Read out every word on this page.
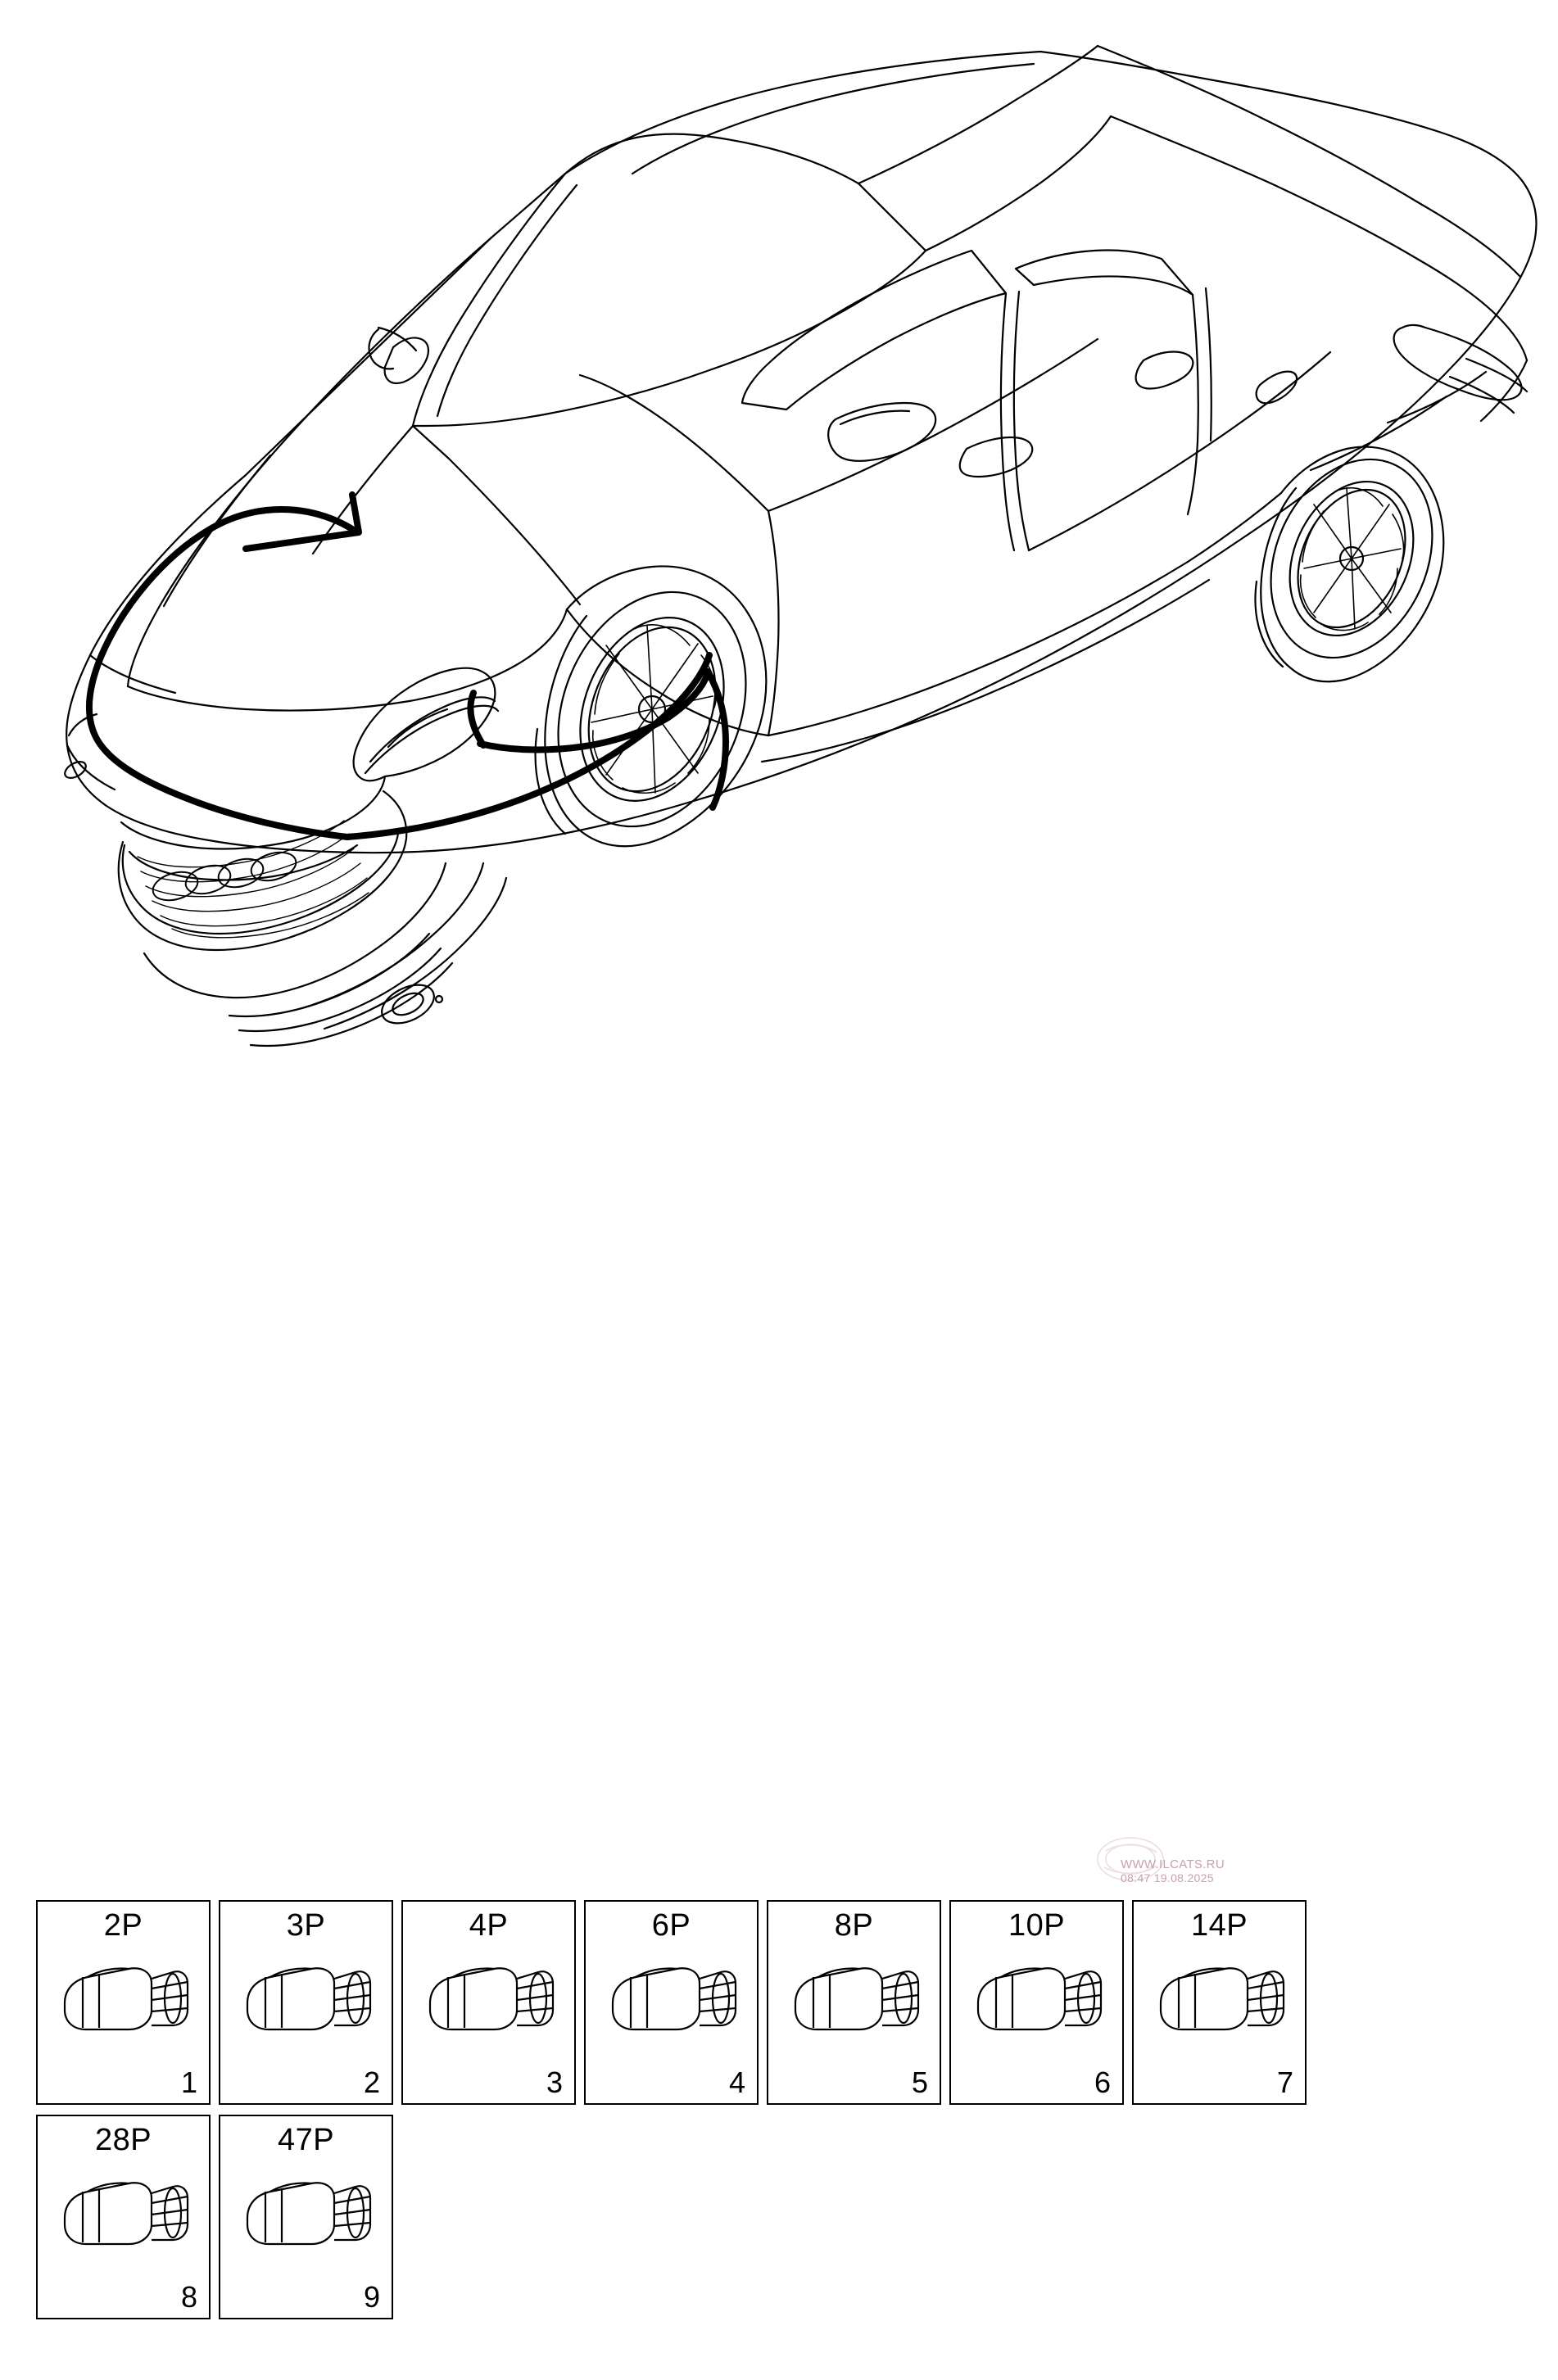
WWW.ILCATS.RU
08:47 19.08.2025
2P
1
3P
2
4P
3
6P
4
8P
5
10P
6
14P
7
28P
8
47P
9
